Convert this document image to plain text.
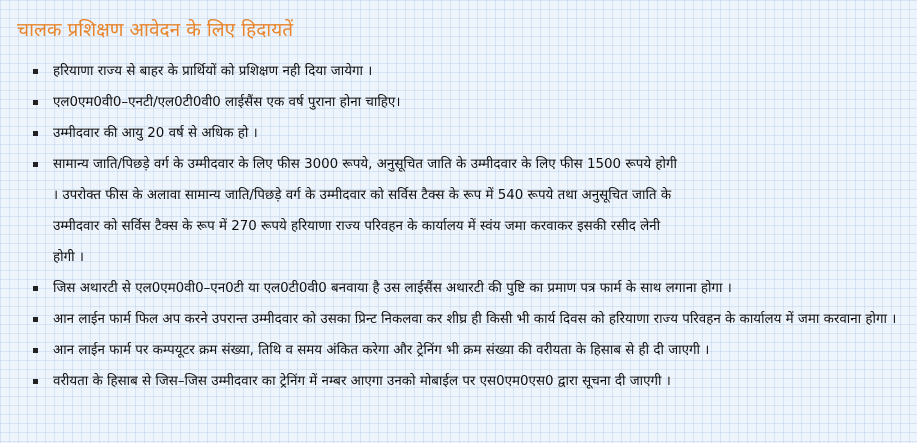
चालक प्रशिक्षण आवेदन के लिए हिदायतें
हरियाणा राज्य से बाहर के प्रार्थियों को प्रशिक्षण नही दिया जायेगा ।
एल0एम0वी0–एनटी/एल0टी0वी0 लाईसैंस एक वर्ष पुराना होना चाहिए।
उम्मीदवार की आयु 20 वर्ष से अधिक हो ।
सामान्य जाति/पिछड़े वर्ग के उम्मीदवार के लिए फीस 3000 रूपये, अनुसूचित जाति के उम्मीदवार के लिए फीस 1500 रूपये होगी । उपरोक्त फीस के अलावा सामान्य जाति/पिछड़े वर्ग के उम्मीदवार को सर्विस टैक्स के रूप में 540 रूपये तथा अनुसूचित जाति के उम्मीदवार को सर्विस टैक्स के रूप में 270 रूपये हरियाणा राज्य परिवहन के कार्यालय में स्वंय जमा करवाकर इसकी रसीद लेनी होगी ।
जिस अथारटी से एल0एम0वी0–एन0टी या एल0टी0वी0 बनवाया है उस लाईसैंस अथारटी की पुष्टि का प्रमाण पत्र फार्म के साथ लगाना होगा ।
आन लाईन फार्म फिल अप करने उपरान्त उम्मीदवार को उसका प्रिन्ट निकलवा कर शीघ्र ही किसी भी कार्य दिवस को हरियाणा राज्य परिवहन के कार्यालय में जमा करवाना होगा ।
आन लाईन फार्म पर कम्पयूटर क्रम संख्या, तिथि व समय अंकित करेगा और ट्रेनिंग भी क्रम संख्या की वरीयता के हिसाब से ही दी जाएगी ।
वरीयता के हिसाब से जिस–जिस उम्मीदवार का ट्रेनिंग में नम्बर आएगा उनको मोबाईल पर एस0एम0एस0 द्वारा सूचना दी जाएगी ।
